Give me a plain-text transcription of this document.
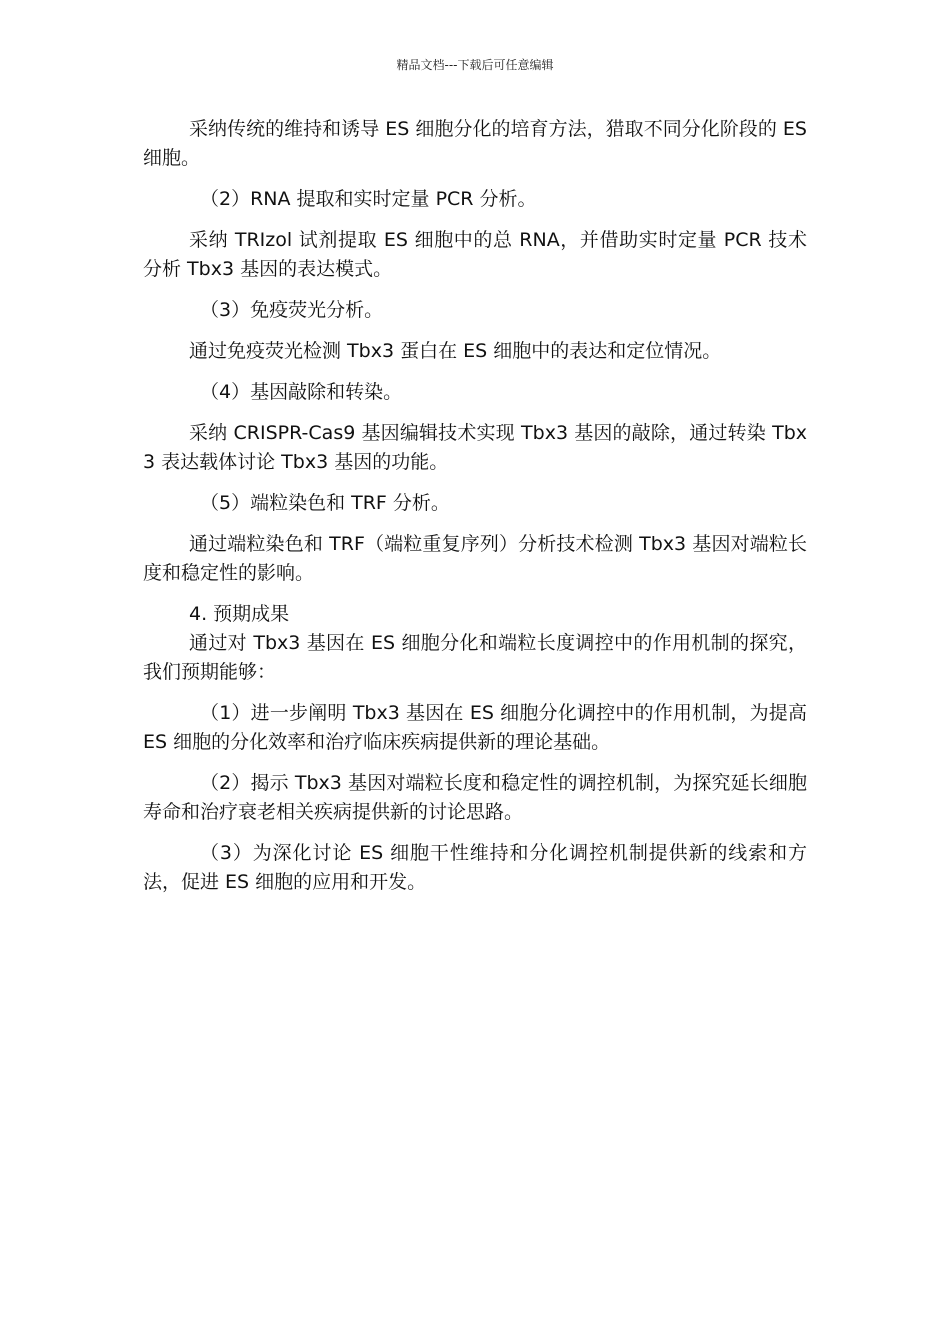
精品文档---下载后可任意编辑

采纳传统的维持和诱导 ES 细胞分化的培育方法，猎取不同分化阶段的 ES 细胞。

（2）RNA 提取和实时定量 PCR 分析。

采纳 TRIzol 试剂提取 ES 细胞中的总 RNA，并借助实时定量 PCR 技术分析 Tbx3 基因的表达模式。

（3）免疫荧光分析。

通过免疫荧光检测 Tbx3 蛋白在 ES 细胞中的表达和定位情况。

（4）基因敲除和转染。

采纳 CRISPR-Cas9 基因编辑技术实现 Tbx3 基因的敲除，通过转染 Tbx3 表达载体讨论 Tbx3 基因的功能。

（5）端粒染色和 TRF 分析。

通过端粒染色和 TRF（端粒重复序列）分析技术检测 Tbx3 基因对端粒长度和稳定性的影响。

4. 预期成果

通过对 Tbx3 基因在 ES 细胞分化和端粒长度调控中的作用机制的探究，我们预期能够：

（1）进一步阐明 Tbx3 基因在 ES 细胞分化调控中的作用机制，为提高 ES 细胞的分化效率和治疗临床疾病提供新的理论基础。

（2）揭示 Tbx3 基因对端粒长度和稳定性的调控机制，为探究延长细胞寿命和治疗衰老相关疾病提供新的讨论思路。

（3）为深化讨论 ES 细胞干性维持和分化调控机制提供新的线索和方法，促进 ES 细胞的应用和开发。
